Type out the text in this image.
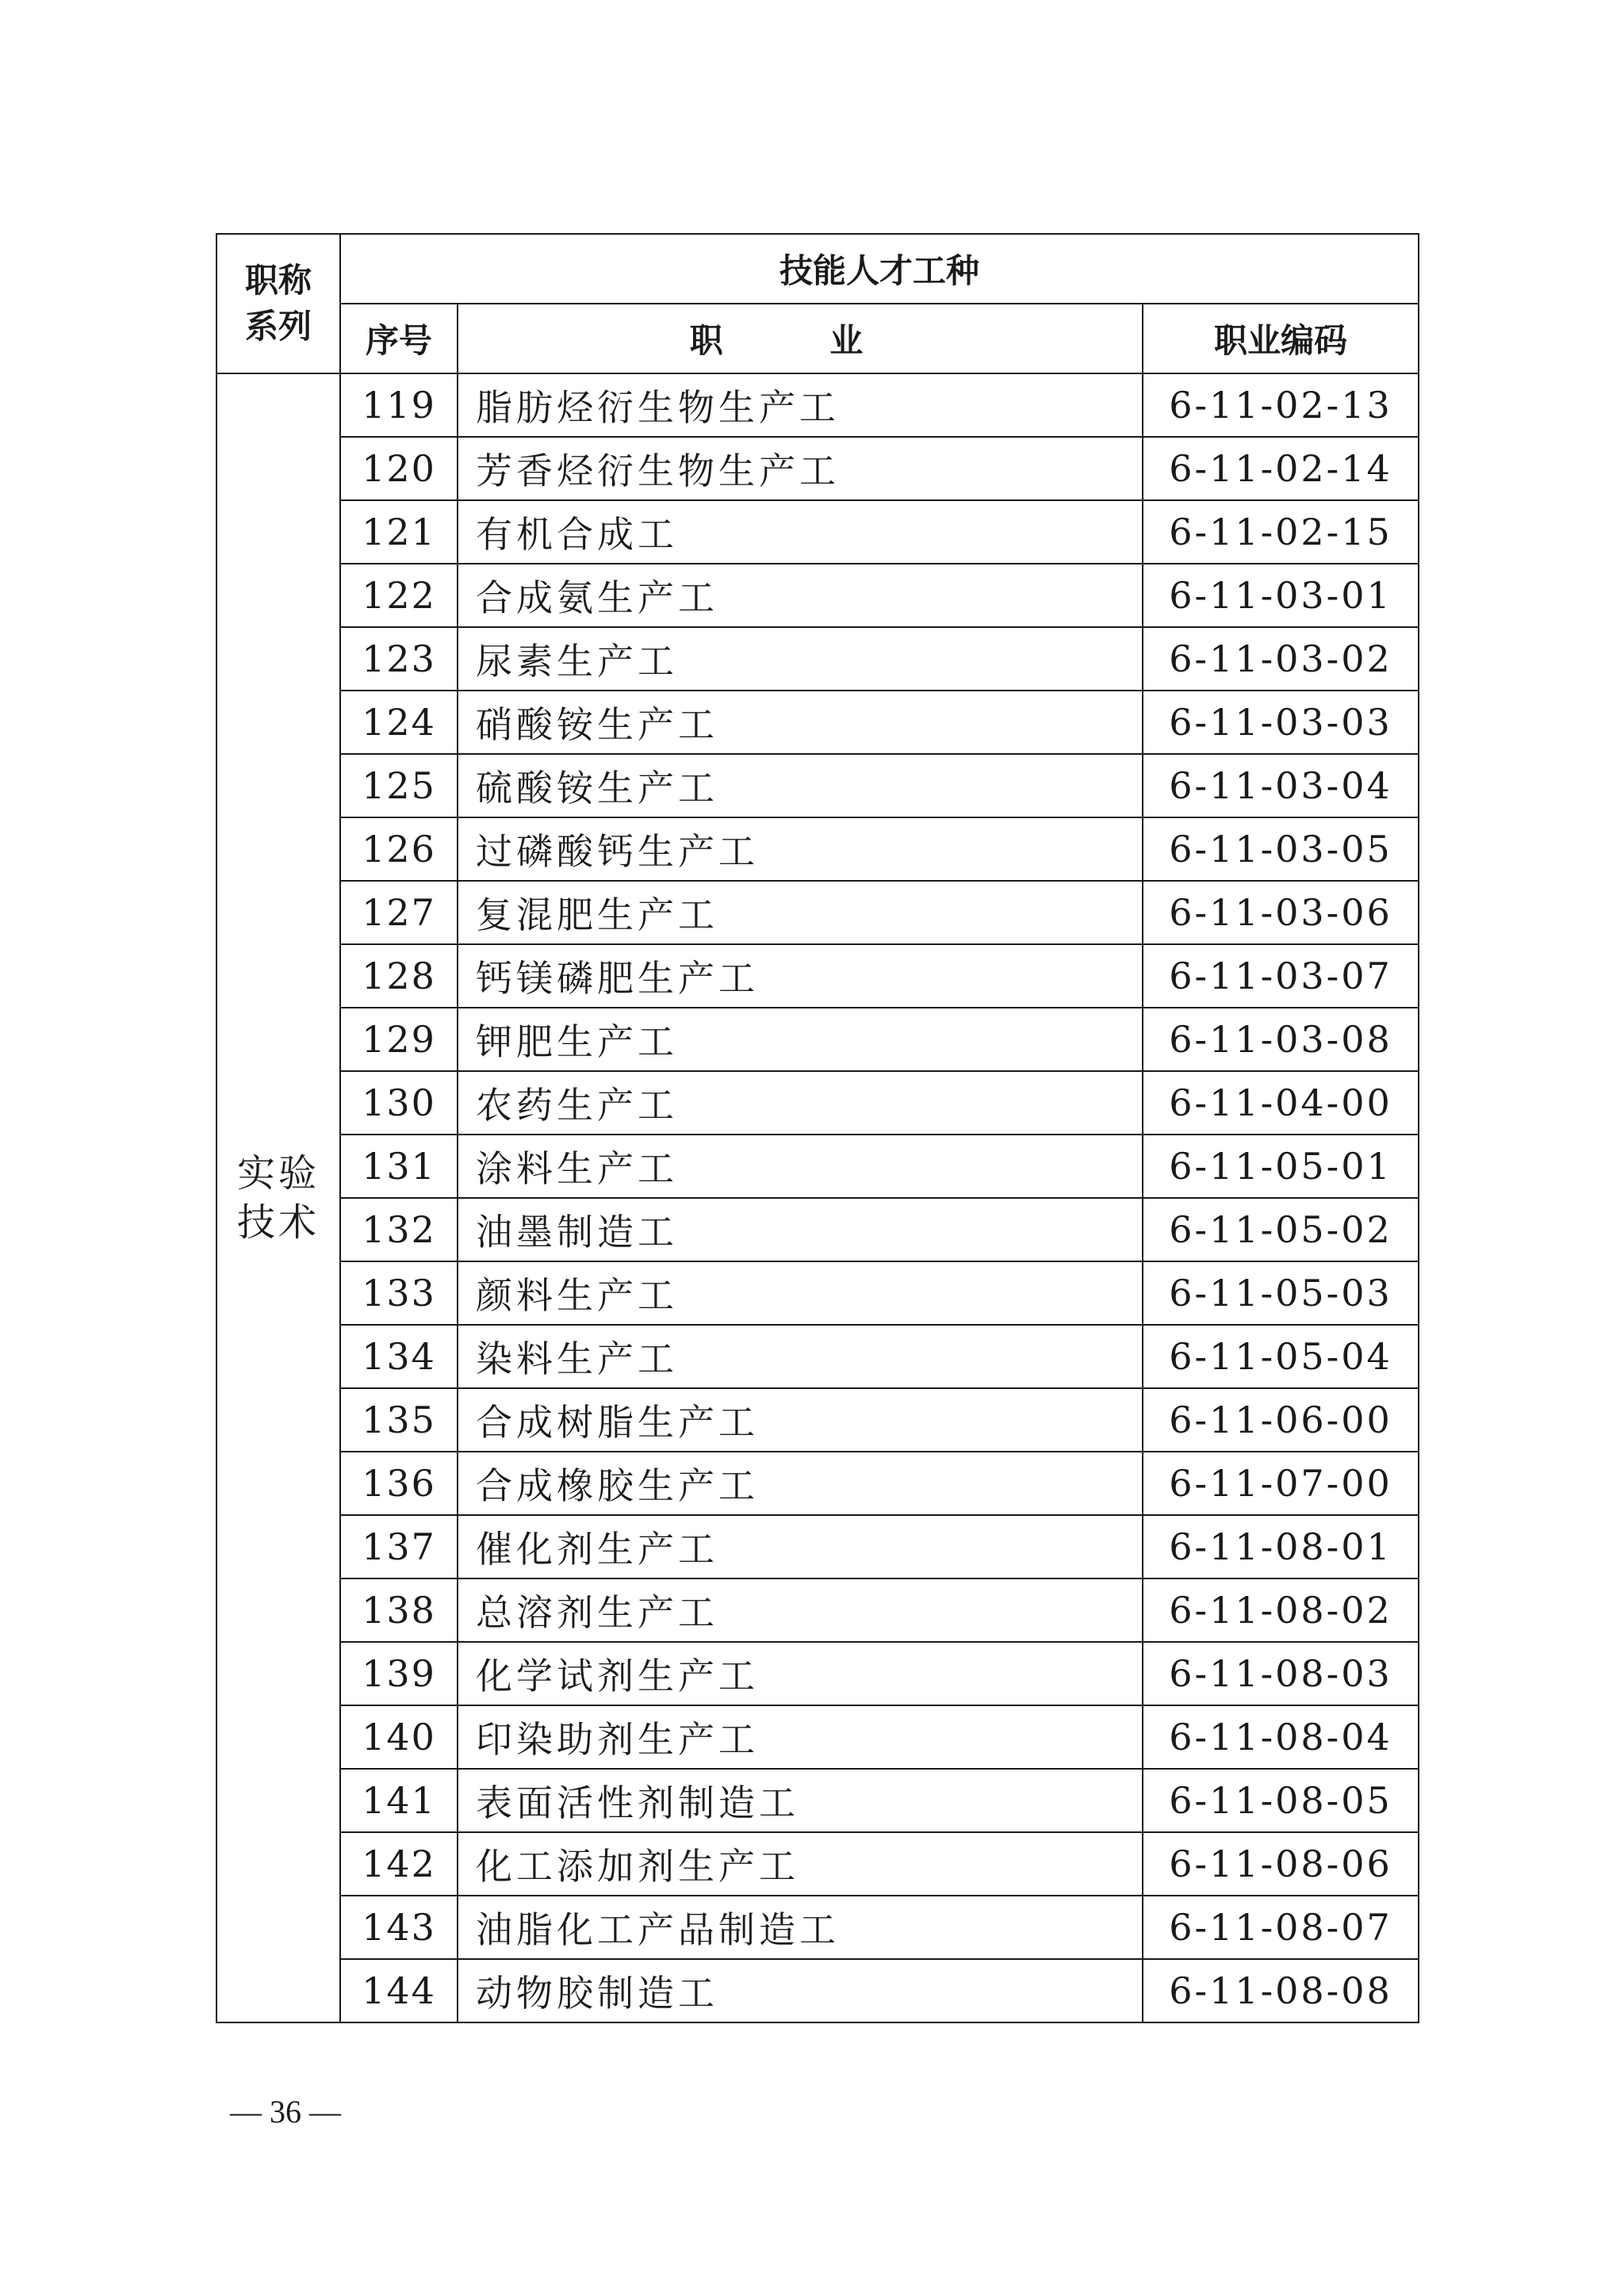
职称系列	技能人才工种		
	序号	职 业	职业编码
实验技术	119	脂肪烃衍生物生产工	6-11-02-13
	120	芳香烃衍生物生产工	6-11-02-14
	121	有机合成工	6-11-02-15
	122	合成氨生产工	6-11-03-01
	123	尿素生产工	6-11-03-02
	124	硝酸铵生产工	6-11-03-03
	125	硫酸铵生产工	6-11-03-04
	126	过磷酸钙生产工	6-11-03-05
	127	复混肥生产工	6-11-03-06
	128	钙镁磷肥生产工	6-11-03-07
	129	钾肥生产工	6-11-03-08
	130	农药生产工	6-11-04-00
	131	涂料生产工	6-11-05-01
	132	油墨制造工	6-11-05-02
	133	颜料生产工	6-11-05-03
	134	染料生产工	6-11-05-04
	135	合成树脂生产工	6-11-06-00
	136	合成橡胶生产工	6-11-07-00
	137	催化剂生产工	6-11-08-01
	138	总溶剂生产工	6-11-08-02
	139	化学试剂生产工	6-11-08-03
	140	印染助剂生产工	6-11-08-04
	141	表面活性剂制造工	6-11-08-05
	142	化工添加剂生产工	6-11-08-06
	143	油脂化工产品制造工	6-11-08-07
	144	动物胶制造工	6-11-08-08
— 36 —
